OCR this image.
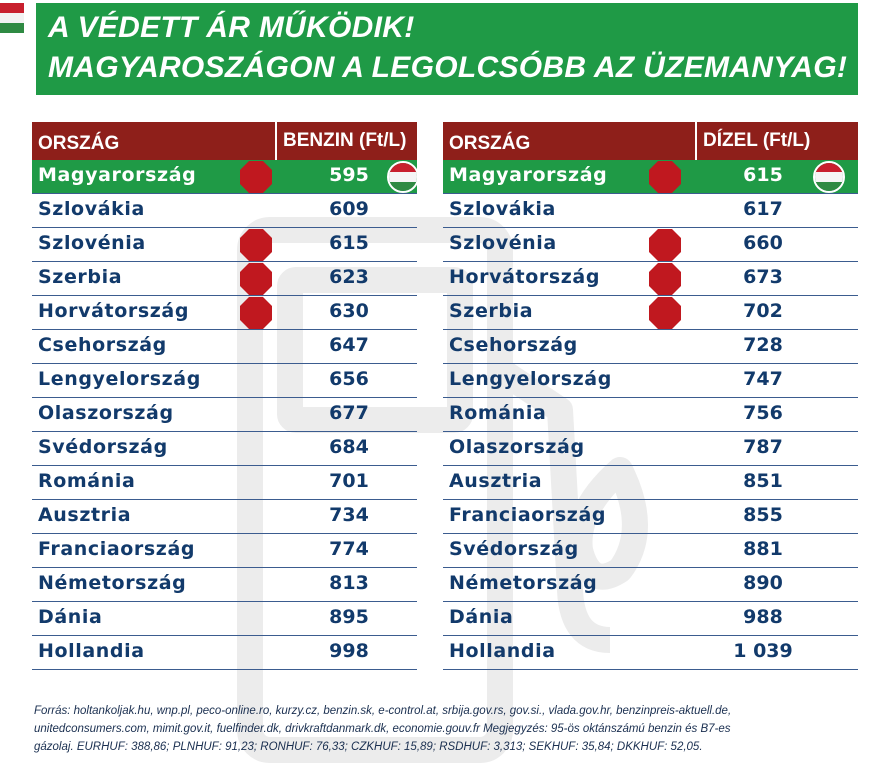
A VÉDETT ÁR MŰKÖDIK!
MAGYAROSZÁGON A LEGOLCSÓBB AZ ÜZEMANYAG!
ORSZÁG	BENZIN (Ft/L)
Magyarország	595
Szlovákia	609
Szlovénia	615
Szerbia	623
Horvátország	630
Csehország	647
Lengyelország	656
Olaszország	677
Svédország	684
Románia	701
Ausztria	734
Franciaország	774
Németország	813
Dánia	895
Hollandia	998
ORSZÁG	DÍZEL (Ft/L)
Magyarország	615
Szlovákia	617
Szlovénia	660
Horvátország	673
Szerbia	702
Csehország	728
Lengyelország	747
Románia	756
Olaszország	787
Ausztria	851
Franciaország	855
Svédország	881
Németország	890
Dánia	988
Hollandia	1 039
Forrás: holtankoljak.hu, wnp.pl, peco-online.ro, kurzy.cz, benzin.sk, e-control.at, srbija.gov.rs, gov.si., vlada.gov.hr, benzinpreis-aktuell.de,
unitedconsumers.com, mimit.gov.it, fuelfinder.dk, drivkraftdanmark.dk, economie.gouv.fr Megjegyzés: 95-ös oktánszámú benzin és B7-es
gázolaj. EURHUF: 388,86; PLNHUF: 91,23; RONHUF: 76,33; CZKHUF: 15,89; RSDHUF: 3,313; SEKHUF: 35,84; DKKHUF: 52,05.
